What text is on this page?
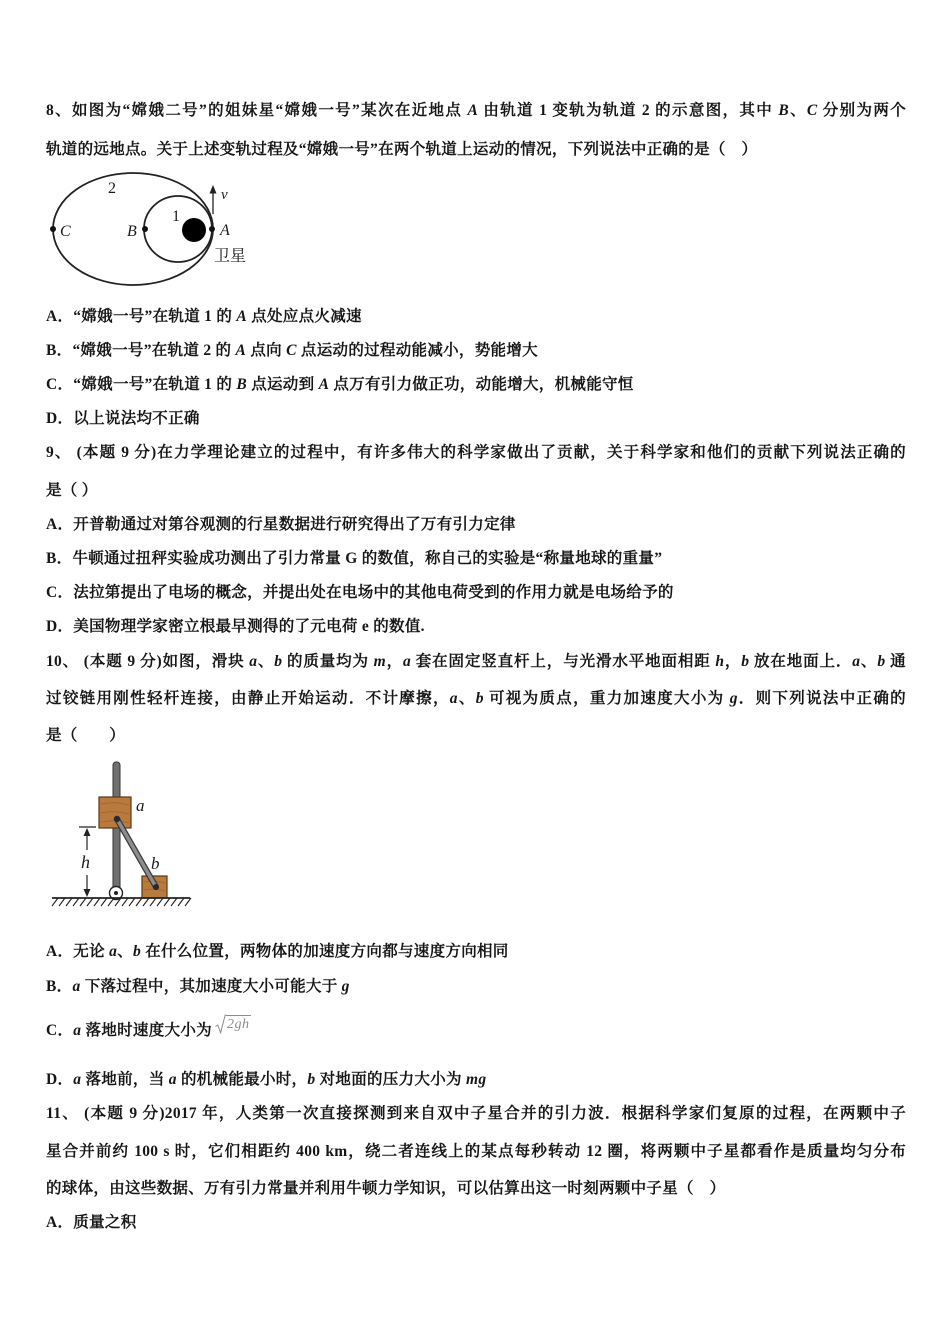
8、如图为“嫦娥二号”的姐妹星“嫦娥一号”某次在近地点 A 由轨道 1 变轨为轨道 2 的示意图，其中 B、C 分别为两个
轨道的远地点。关于上述变轨过程及“嫦娥一号”在两个轨道上运动的情况，下列说法中正确的是（　）
2
1
C	B	A
v
卫星
A．“嫦娥一号”在轨道 1 的 A 点处应点火减速
B．“嫦娥一号”在轨道 2 的 A 点向 C 点运动的过程动能减小，势能增大
C．“嫦娥一号”在轨道 1 的 B 点运动到 A 点万有引力做正功，动能增大，机械能守恒
D．以上说法均不正确
9、 (本题 9 分)在力学理论建立的过程中，有许多伟大的科学家做出了贡献，关于科学家和他们的贡献下列说法正确的
是（ ）
A．开普勒通过对第谷观测的行星数据进行研究得出了万有引力定律
B．牛顿通过扭秤实验成功测出了引力常量 G 的数值，称自己的实验是“称量地球的重量”
C．法拉第提出了电场的概念，并提出处在电场中的其他电荷受到的作用力就是电场给予的
D．美国物理学家密立根最早测得的了元电荷 e 的数值.
10、 (本题 9 分)如图，滑块 a、b 的质量均为 m，a 套在固定竖直杆上，与光滑水平地面相距 h，b 放在地面上．a、b 通
过铰链用刚性轻杆连接，由静止开始运动．不计摩擦，a、b 可视为质点，重力加速度大小为 g．则下列说法中正确的
是（　　）
h
a
b
A．无论 a、b 在什么位置，两物体的加速度方向都与速度方向相同
B．a 下落过程中，其加速度大小可能大于 g
C．a 落地时速度大小为 2gh
D．a 落地前，当 a 的机械能最小时，b 对地面的压力大小为 mg
11、 (本题 9 分)2017 年，人类第一次直接探测到来自双中子星合并的引力波．根据科学家们复原的过程，在两颗中子
星合并前约 100 s 时，它们相距约 400 km，绕二者连线上的某点每秒转动 12 圈，将两颗中子星都看作是质量均匀分布
的球体，由这些数据、万有引力常量并利用牛顿力学知识，可以估算出这一时刻两颗中子星（　）
A．质量之积
